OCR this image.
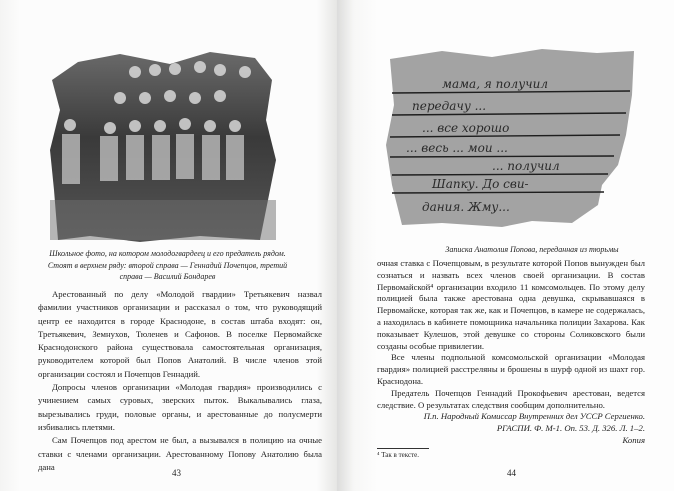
Школьное фото, на котором молодогвардеец и его предатель рядом. Стоят в верхнем ряду: второй справа — Геннадий Почепцов, третий справа — Василий Бондарев

Арестованный по делу «Молодой гвардии» Третьякевич назвал фамилии участников организации и рассказал о том, что руководящий центр ее находится в городе Краснодоне, в состав штаба входят: он, Третьякевич, Земнухов, Тюленев и Сафонов. В поселке Первомайске Краснодонского района существовала самостоятельная организация, руководителем которой был Попов Анатолий. В числе членов этой организации состоял и Почепцов Геннадий.

Допросы членов организации «Молодая гвардия» производились с учинением самых суровых, зверских пыток. Выкалывались глаза, вырезывались груди, половые органы, и арестованные до полусмерти избивались плетями.

Сам Почепцов под арестом не был, а вызывался в полицию на очные ставки с членами организации. Арестованному Попову Анатолию была дана

43
мама, я получил
передачу ...
... все хорошо
... весь ... мои ...
... получил
Шапку. До сви-
дания. Жму...
Записка Анатолия Попова, переданная из тюрьмы

очная ставка с Почепцовым, в результате которой Попов вынужден был сознаться и назвать всех членов своей организации. В состав Первомайской⁴ организации входило 11 комсомольцев. По этому делу полицией была также арестована одна девушка, скрывавшаяся в Первомайске, которая так же, как и Почепцов, в камере не содержалась, а находилась в кабинете помощника начальника полиции Захарова. Как показывает Кулешов, этой девушке со стороны Соликовского были созданы особые привилегии.

Все члены подпольной комсомольской организации «Молодая гвардия» полицией расстреляны и брошены в шурф одной из шахт гор. Краснодона.

Предатель Почепцов Геннадий Прокофьевич арестован, ведется следствие. О результатах следствия сообщим дополнительно.

П.п. Народный Комиссар Внутренних дел УССР Сергиенко.

РГАСПИ. Ф. М-1. Оп. 53. Д. 326. Л. 1–2.

Копия

⁴ Так в тексте.
44
